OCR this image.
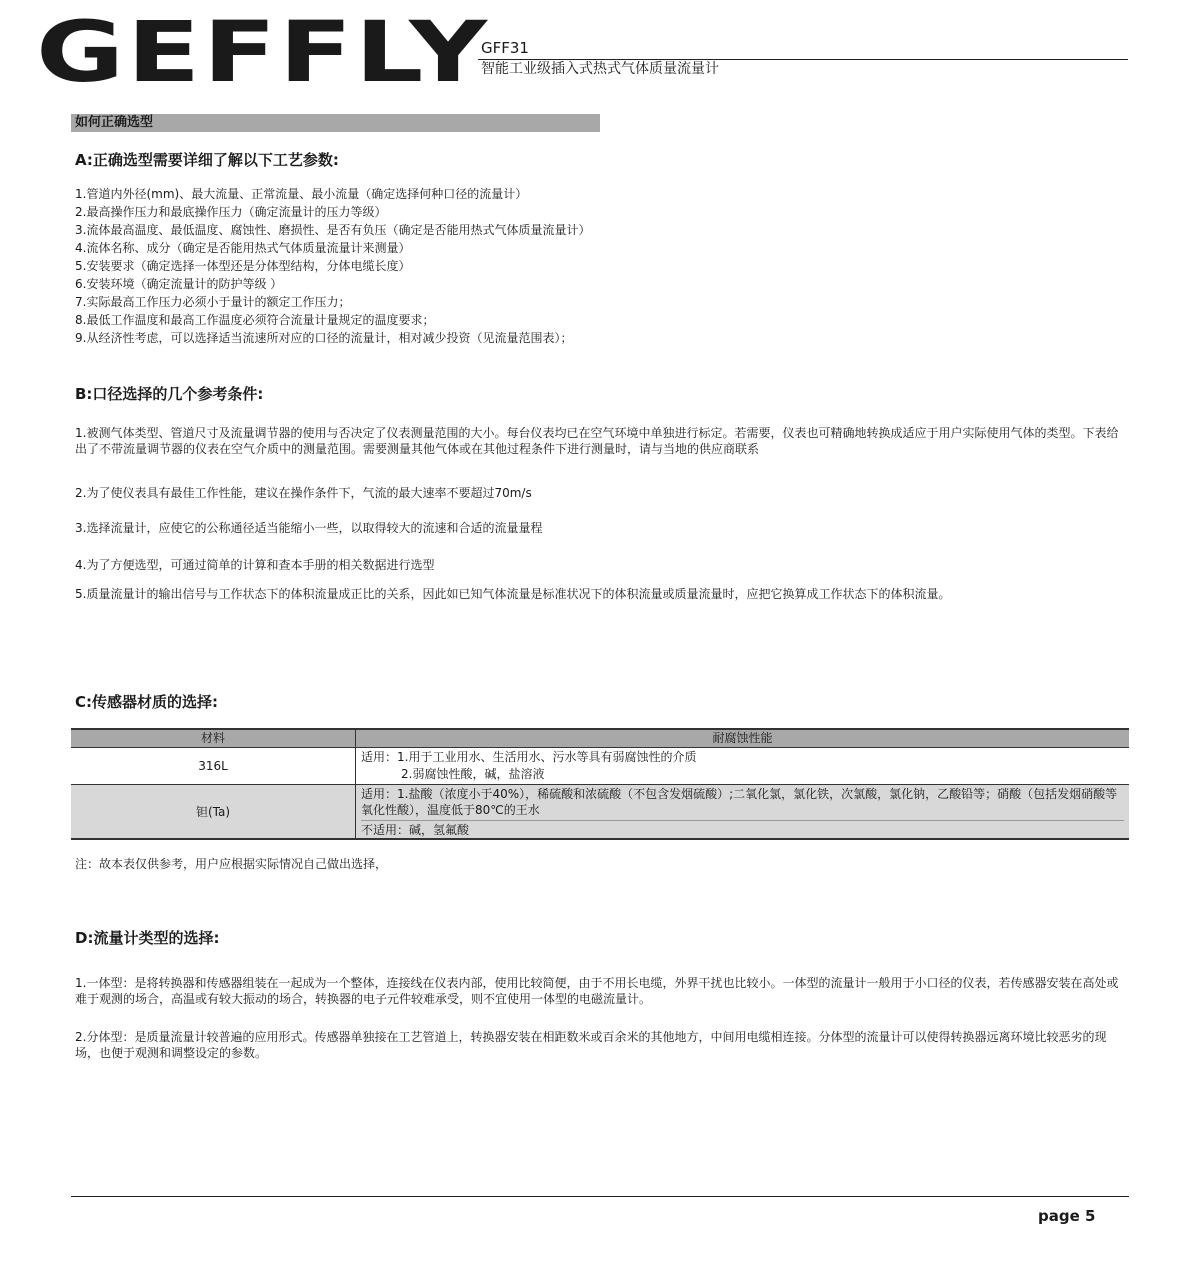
GEFFLY
GFF31
智能工业级插入式热式气体质量流量计
如何正确选型
A:正确选型需要详细了解以下工艺参数:

1.管道内外径(mm)、最大流量、正常流量、最小流量（确定选择何种口径的流量计）

2.最高操作压力和最底操作压力（确定流量计的压力等级）

3.流体最高温度、最低温度、腐蚀性、磨损性、是否有负压（确定是否能用热式气体质量流量计）

4.流体名称、成分（确定是否能用热式气体质量流量计来测量）

5.安装要求（确定选择一体型还是分体型结构，分体电缆长度）

6.安装环境（确定流量计的防护等级 ）

7.实际最高工作压力必须小于量计的额定工作压力；

8.最低工作温度和最高工作温度必须符合流量计量规定的温度要求；

9.从经济性考虑，可以选择适当流速所对应的口径的流量计，相对减少投资（见流量范围表）；

B:口径选择的几个参考条件:

1.被测气体类型、管道尺寸及流量调节器的使用与否决定了仪表测量范围的大小。每台仪表均已在空气环境中单独进行标定。若需要，仪表也可精确地转换成适应于用户实际使用气体的类型。下表给出了不带流量调节器的仪表在空气介质中的测量范围。需要测量其他气体或在其他过程条件下进行测量时，请与当地的供应商联系

2.为了使仪表具有最佳工作性能，建议在操作条件下，气流的最大速率不要超过70m/s

3.选择流量计，应使它的公称通径适当能缩小一些，以取得较大的流速和合适的流量量程

4.为了方便选型，可通过简单的计算和查本手册的相关数据进行选型

5.质量流量计的输出信号与工作状态下的体积流量成正比的关系，因此如已知气体流量是标准状况下的体积流量或质量流量时，应把它换算成工作状态下的体积流量。

C:传感器材质的选择:
材料	耐腐蚀性能
316L	适用：1.用于工业用水、生活用水、污水等具有弱腐蚀性的介质
2.弱腐蚀性酸，碱，盐溶液

钽(Ta)	适用：1.盐酸（浓度小于40%），稀硫酸和浓硫酸（不包含发烟硫酸）;二氧化氯，氯化铁，次氯酸，氯化钠，乙酸铅等；硝酸（包括发烟硝酸等氧化性酸），温度低于80℃的王水
不适用：碱，氢氟酸

注：故本表仅供参考，用户应根据实际情况自己做出选择，

D:流量计类型的选择:

1.一体型：是将转换器和传感器组装在一起成为一个整体，连接线在仪表内部，使用比较简便，由于不用长电缆，外界干扰也比较小。一体型的流量计一般用于小口径的仪表，若传感器安装在高处或难于观测的场合，高温或有较大振动的场合，转换器的电子元件较难承受，则不宜使用一体型的电磁流量计。

2.分体型：是质量流量计较普遍的应用形式。传感器单独接在工艺管道上，转换器安装在相距数米或百余米的其他地方，中间用电缆相连接。分体型的流量计可以使得转换器远离环境比较恶劣的现场，也便于观测和调整设定的参数。

page 5
